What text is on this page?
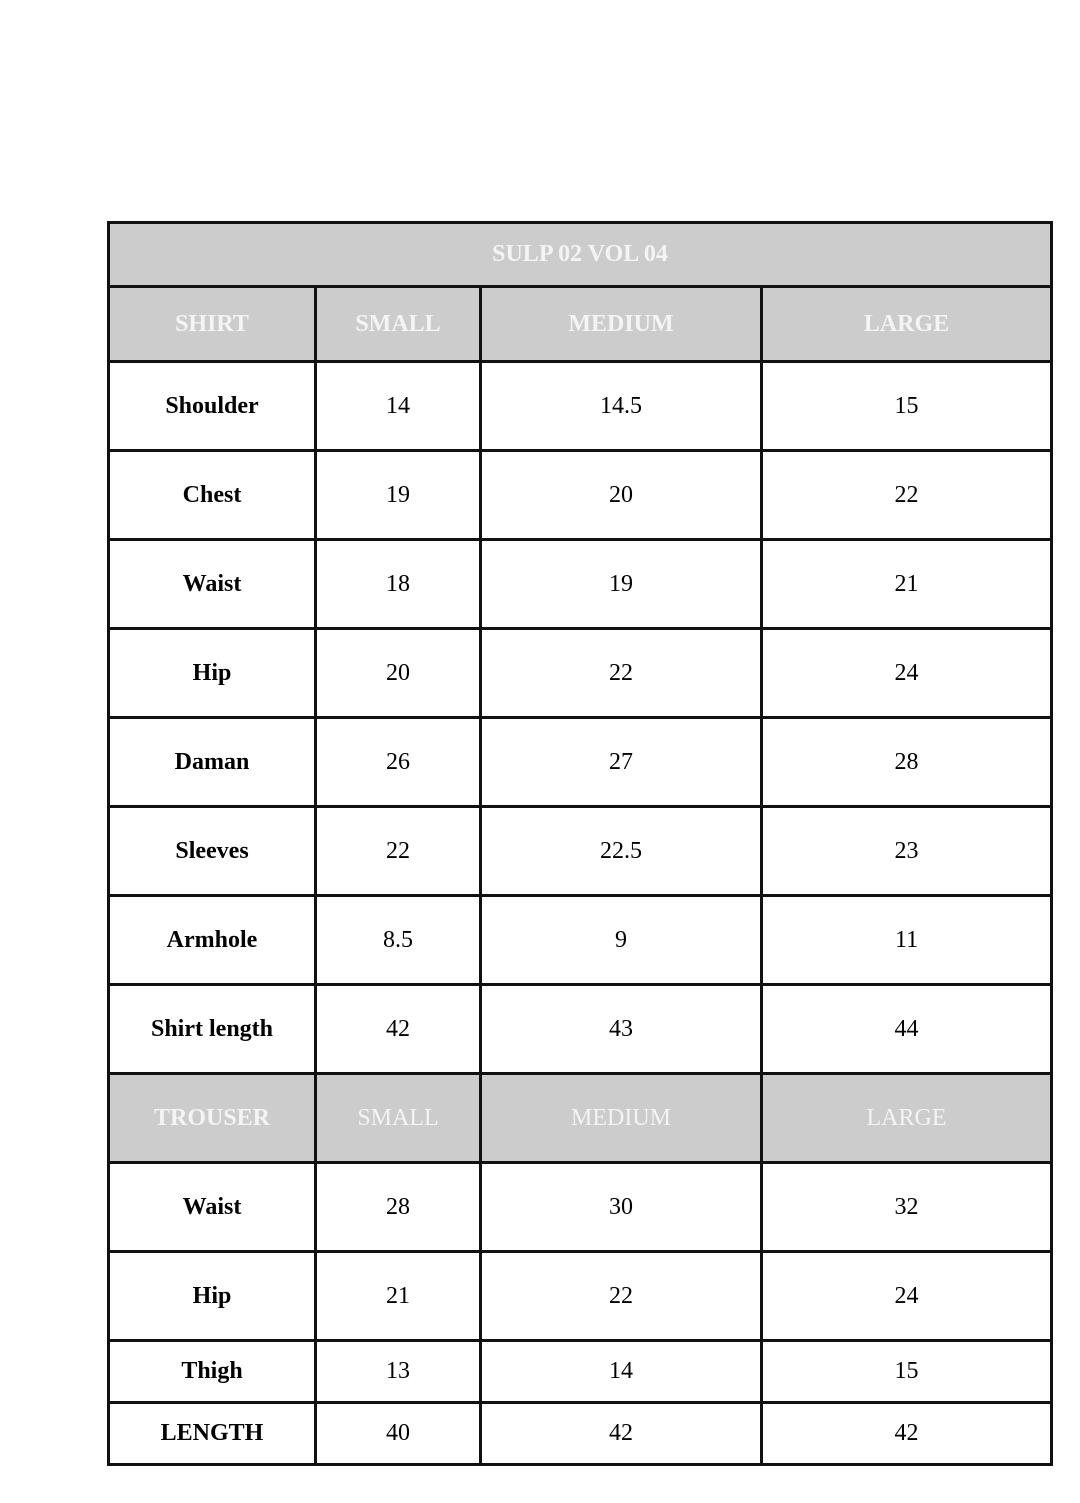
SULP 02 VOL 04			
SHIRT	SMALL	MEDIUM	LARGE
Shoulder	14	14.5	15
Chest	19	20	22
Waist	18	19	21
Hip	20	22	24
Daman	26	27	28
Sleeves	22	22.5	23
Armhole	8.5	9	11
Shirt length	42	43	44
TROUSER	SMALL	MEDIUM	LARGE
Waist	28	30	32
Hip	21	22	24
Thigh	13	14	15
LENGTH	40	42	42
